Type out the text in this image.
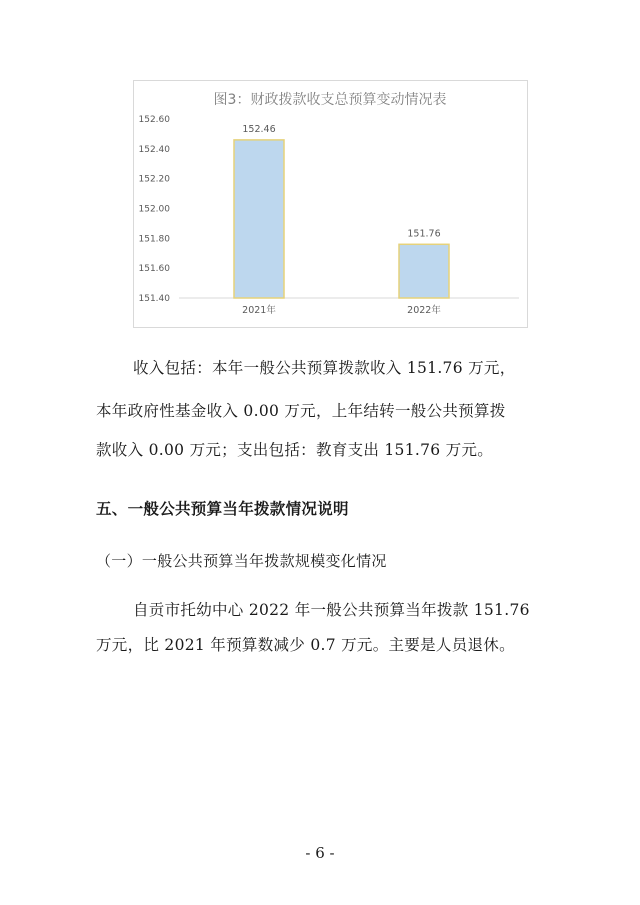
图3：财政拨款收支总预算变动情况表
152.60
152.40
152.20
152.00
151.80
151.60
151.40
152.46
151.76
2021年	2022年
收入包括：本年一般公共预算拨款收入 151.76 万元，
本年政府性基金收入 0.00 万元，上年结转一般公共预算拨
款收入 0.00 万元；支出包括：教育支出 151.76 万元。
五、一般公共预算当年拨款情况说明
（一）一般公共预算当年拨款规模变化情况
自贡市托幼中心 2022 年一般公共预算当年拨款 151.76
万元，比 2021 年预算数减少 0.7 万元。主要是人员退休。
- 6 -
